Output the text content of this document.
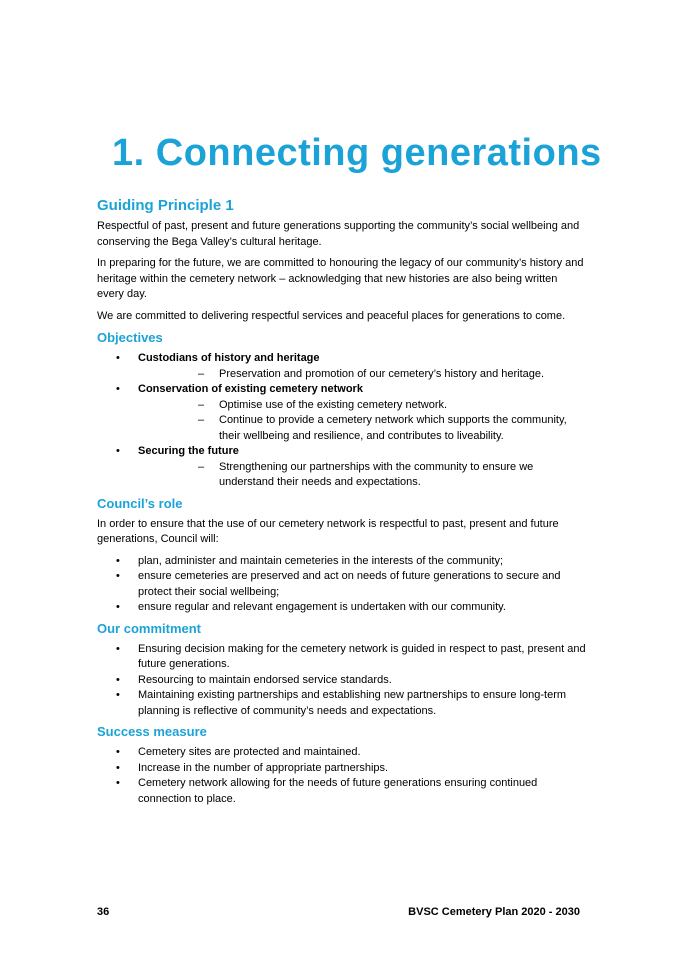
1. Connecting generations
Guiding Principle 1

Respectful of past, present and future generations supporting the community’s social wellbeing and conserving the Bega Valley’s cultural heritage.

In preparing for the future, we are committed to honouring the legacy of our community’s history and heritage within the cemetery network – acknowledging that new histories are also being written every day.

We are committed to delivering respectful services and peaceful places for generations to come.

Objectives
• Custodians of history and heritage
– Preservation and promotion of our cemetery’s history and heritage.
• Conservation of existing cemetery network
– Optimise use of the existing cemetery network.
– Continue to provide a cemetery network which supports the community, their wellbeing and resilience, and contributes to liveability.
• Securing the future
– Strengthening our partnerships with the community to ensure we understand their needs and expectations.
Council’s role

In order to ensure that the use of our cemetery network is respectful to past, present and future generations, Council will:

• plan, administer and maintain cemeteries in the interests of the community;
• ensure cemeteries are preserved and act on needs of future generations to secure and protect their social wellbeing;
• ensure regular and relevant engagement is undertaken with our community.
Our commitment
• Ensuring decision making for the cemetery network is guided in respect to past, present and future generations.
• Resourcing to maintain endorsed service standards.
• Maintaining existing partnerships and establishing new partnerships to ensure long-term planning is reflective of community’s needs and expectations.
Success measure
• Cemetery sites are protected and maintained.
• Increase in the number of appropriate partnerships.
• Cemetery network allowing for the needs of future generations ensuring continued connection to place.
36	BVSC Cemetery Plan 2020 - 2030
